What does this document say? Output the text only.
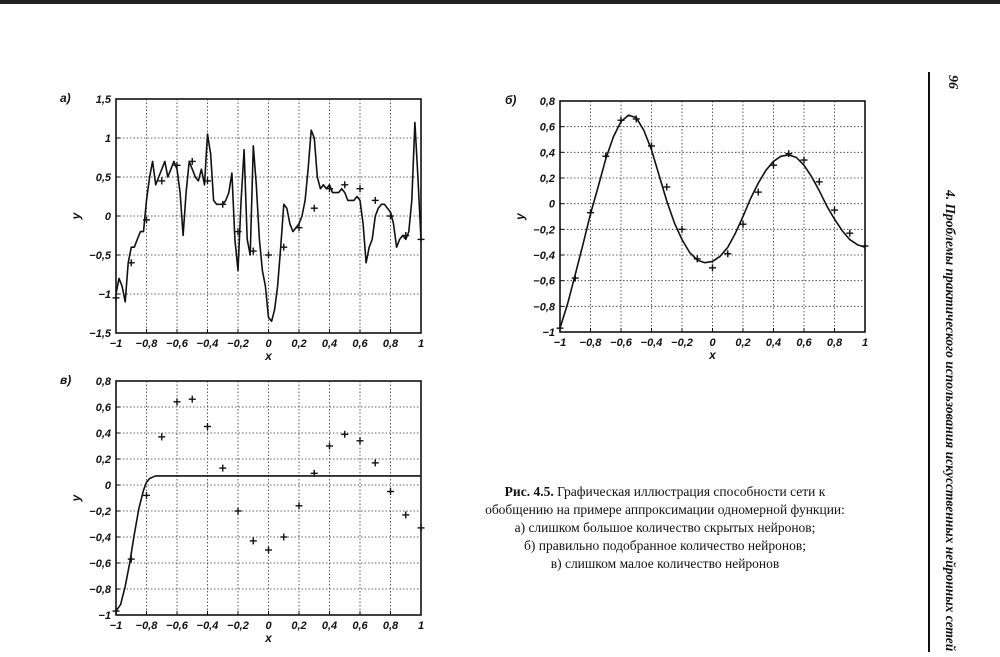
−1 −0,8 −0,6 −0,4 −0,2 0 0,2 0,4 0,6 0,8 1
−1,5
−1
−0,5
0
0,5
1
1,5
x
y
а)
−1 −0,8 −0,6 −0,4 −0,2 0 0,2 0,4 0,6 0,8 1
−1
−0,8
−0,6
−0,4
−0,2
0
0,2
0,4
0,6
0,8
x
y
б)
−1 −0,8 −0,6 −0,4 −0,2 0 0,2 0,4 0,6 0,8 1
−1
−0,8
−0,6
−0,4
−0,2
0
0,2
0,4
0,6
0,8
x
y
в)
Рис. 4.5. Графическая иллюстрация способности сети к
обобщению на примере аппроксимации одномерной функции:
а) слишком большое количество скрытых нейронов;
б) правильно подобранное количество нейронов;
в) слишком малое количество нейронов
96
4. Проблемы практического использования искусственных нейронных сетей
